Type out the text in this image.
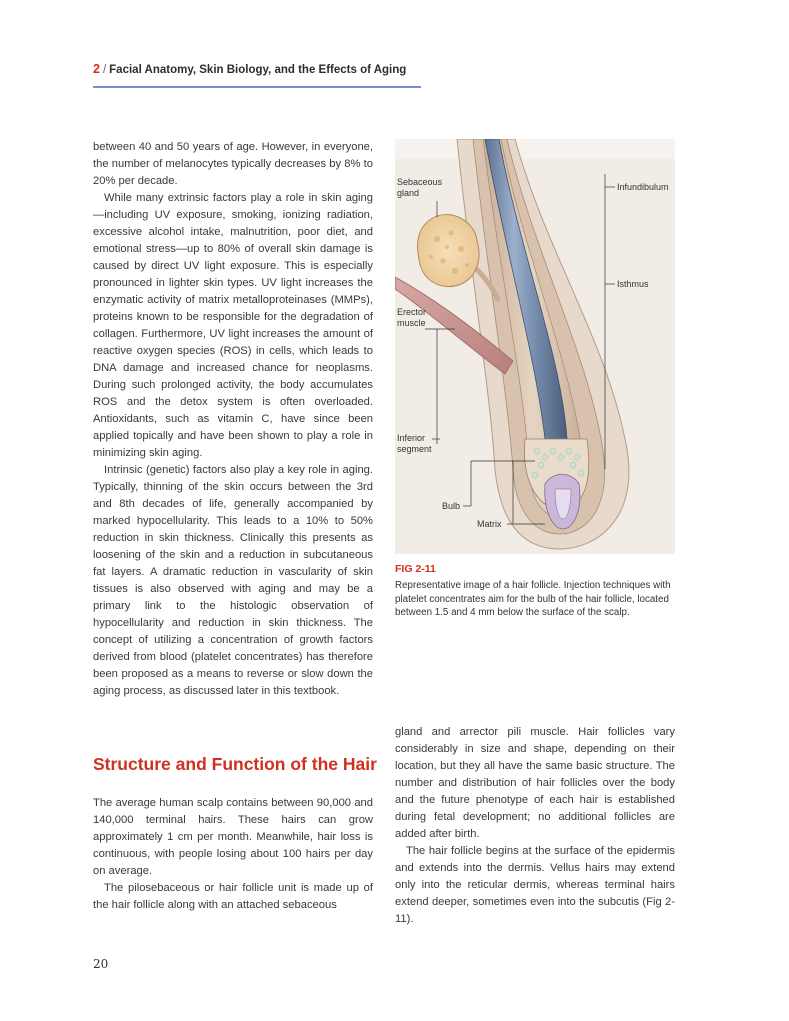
2 / Facial Anatomy, Skin Biology, and the Effects of Aging

between 40 and 50 years of age. However, in everyone, the number of melanocytes typically decreases by 8% to 20% per decade.

While many extrinsic factors play a role in skin aging—including UV exposure, smoking, ionizing radiation, excessive alcohol intake, malnutrition, poor diet, and emotional stress—up to 80% of overall skin damage is caused by direct UV light exposure. This is especially pronounced in lighter skin types. UV light increases the enzymatic activity of matrix metalloproteinases (MMPs), proteins known to be responsible for the degradation of collagen. Furthermore, UV light increases the amount of reactive oxygen species (ROS) in cells, which leads to DNA damage and increased chance for neoplasms. During such prolonged activity, the body accumulates ROS and the detox system is often overloaded. Antioxidants, such as vitamin C, have since been applied topically and have been shown to play a role in minimizing skin aging.

Intrinsic (genetic) factors also play a key role in aging. Typically, thinning of the skin occurs between the 3rd and 8th decades of life, generally accompanied by marked hypocellularity. This leads to a 10% to 50% reduction in skin thickness. Clinically this presents as loosening of the skin and a reduction in subcutaneous fat layers. A dramatic reduction in vascularity of skin tissues is also observed with aging and may be a primary link to the histologic observation of hypocellularity and reduction in skin thickness. The concept of utilizing a concentration of growth factors derived from blood (platelet concentrates) has therefore been proposed as a means to reverse or slow down the aging process, as discussed later in this textbook.

Structure and Function of the Hair

The average human scalp contains between 90,000 and 140,000 terminal hairs. These hairs can grow approximately 1 cm per month. Meanwhile, hair loss is continuous, with people losing about 100 hairs per day on average.

The pilosebaceous or hair follicle unit is made up of the hair follicle along with an attached sebaceous

gland and arrector pili muscle. Hair follicles vary considerably in size and shape, depending on their location, but they all have the same basic structure. The number and distribution of hair follicles over the body and the future phenotype of each hair is established during fetal development; no additional follicles are added after birth.

The hair follicle begins at the surface of the epidermis and extends into the dermis. Vellus hairs may extend only into the reticular dermis, whereas terminal hairs extend deeper, sometimes even into the subcutis (Fig 2-11).

Sebaceous
gland
Infundibulum
Isthmus
Erector
muscle
Inferior
segment
Bulb
Matrix
FIG 2-11
Representative image of a hair follicle. Injection techniques with platelet concentrates aim for the bulb of the hair follicle, located between 1.5 and 4 mm below the surface of the scalp.
20
